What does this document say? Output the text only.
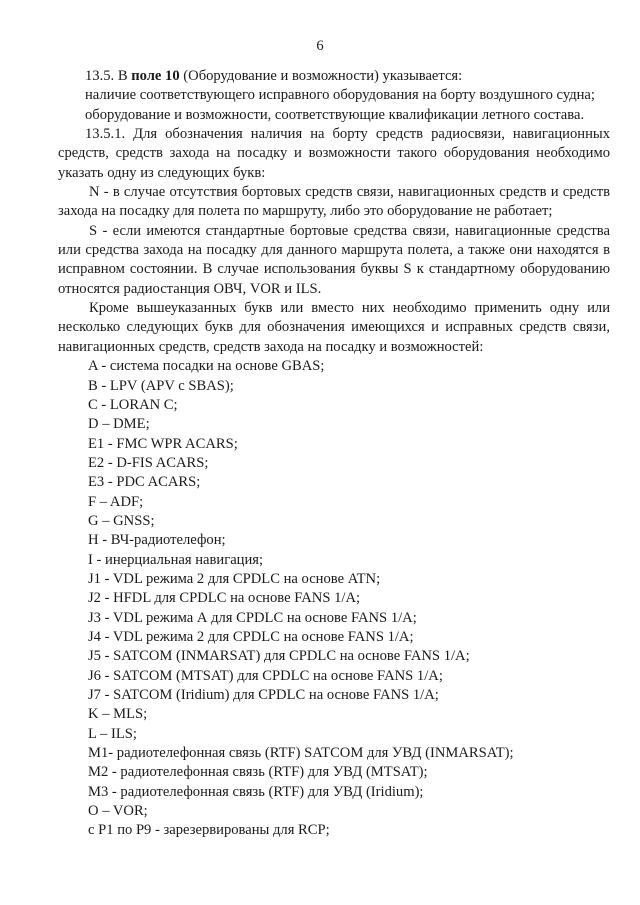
6

13.5. В поле 10 (Оборудование и возможности) указывается:

наличие соответствующего исправного оборудования на борту воздушного судна;

оборудование и возможности, соответствующие квалификации летного состава.

13.5.1. Для обозначения наличия на борту средств радиосвязи, навигационных средств, средств захода на посадку и возможности такого оборудования необходимо указать одну из следующих букв:

N - в случае отсутствия бортовых средств связи, навигационных средств и средств захода на посадку для полета по маршруту, либо это оборудование не работает;

S - если имеются стандартные бортовые средства связи, навигационные средства или средства захода на посадку для данного маршрута полета, а также они находятся в исправном состоянии. В случае использования буквы S к стандартному оборудованию относятся радиостанция ОВЧ, VOR и ILS.

Кроме вышеуказанных букв или вместо них необходимо применить одну или несколько следующих букв для обозначения имеющихся и исправных средств связи, навигационных средств, средств захода на посадку и возможностей:

A - система посадки на основе GBAS;
B - LPV (APV с SBAS);
C - LORAN C;
D – DME;
E1 - FMC WPR ACARS;
E2 - D-FIS ACARS;
E3 - PDC ACARS;
F – ADF;
G – GNSS;
H - ВЧ-радиотелефон;
I - инерциальная навигация;
J1 - VDL режима 2 для CPDLC на основе ATN;
J2 - HFDL для CPDLC на основе FANS 1/A;
J3 - VDL режима А для CPDLC на основе FANS 1/A;
J4 - VDL режима 2 для CPDLC на основе FANS 1/A;
J5 - SATCOM (INMARSAT) для CPDLC на основе FANS 1/A;
J6 - SATCOM (MTSAT) для CPDLC на основе FANS 1/A;
J7 - SATCOM (Iridium) для CPDLC на основе FANS 1/A;
K – MLS;
L – ILS;
M1- радиотелефонная связь (RTF) SATCOM для УВД (INMARSAT);
M2 - радиотелефонная связь (RTF) для УВД (MTSAT);
M3 - радиотелефонная связь (RTF) для УВД (Iridium);
O – VOR;
с P1 по P9 - зарезервированы для RCP;
